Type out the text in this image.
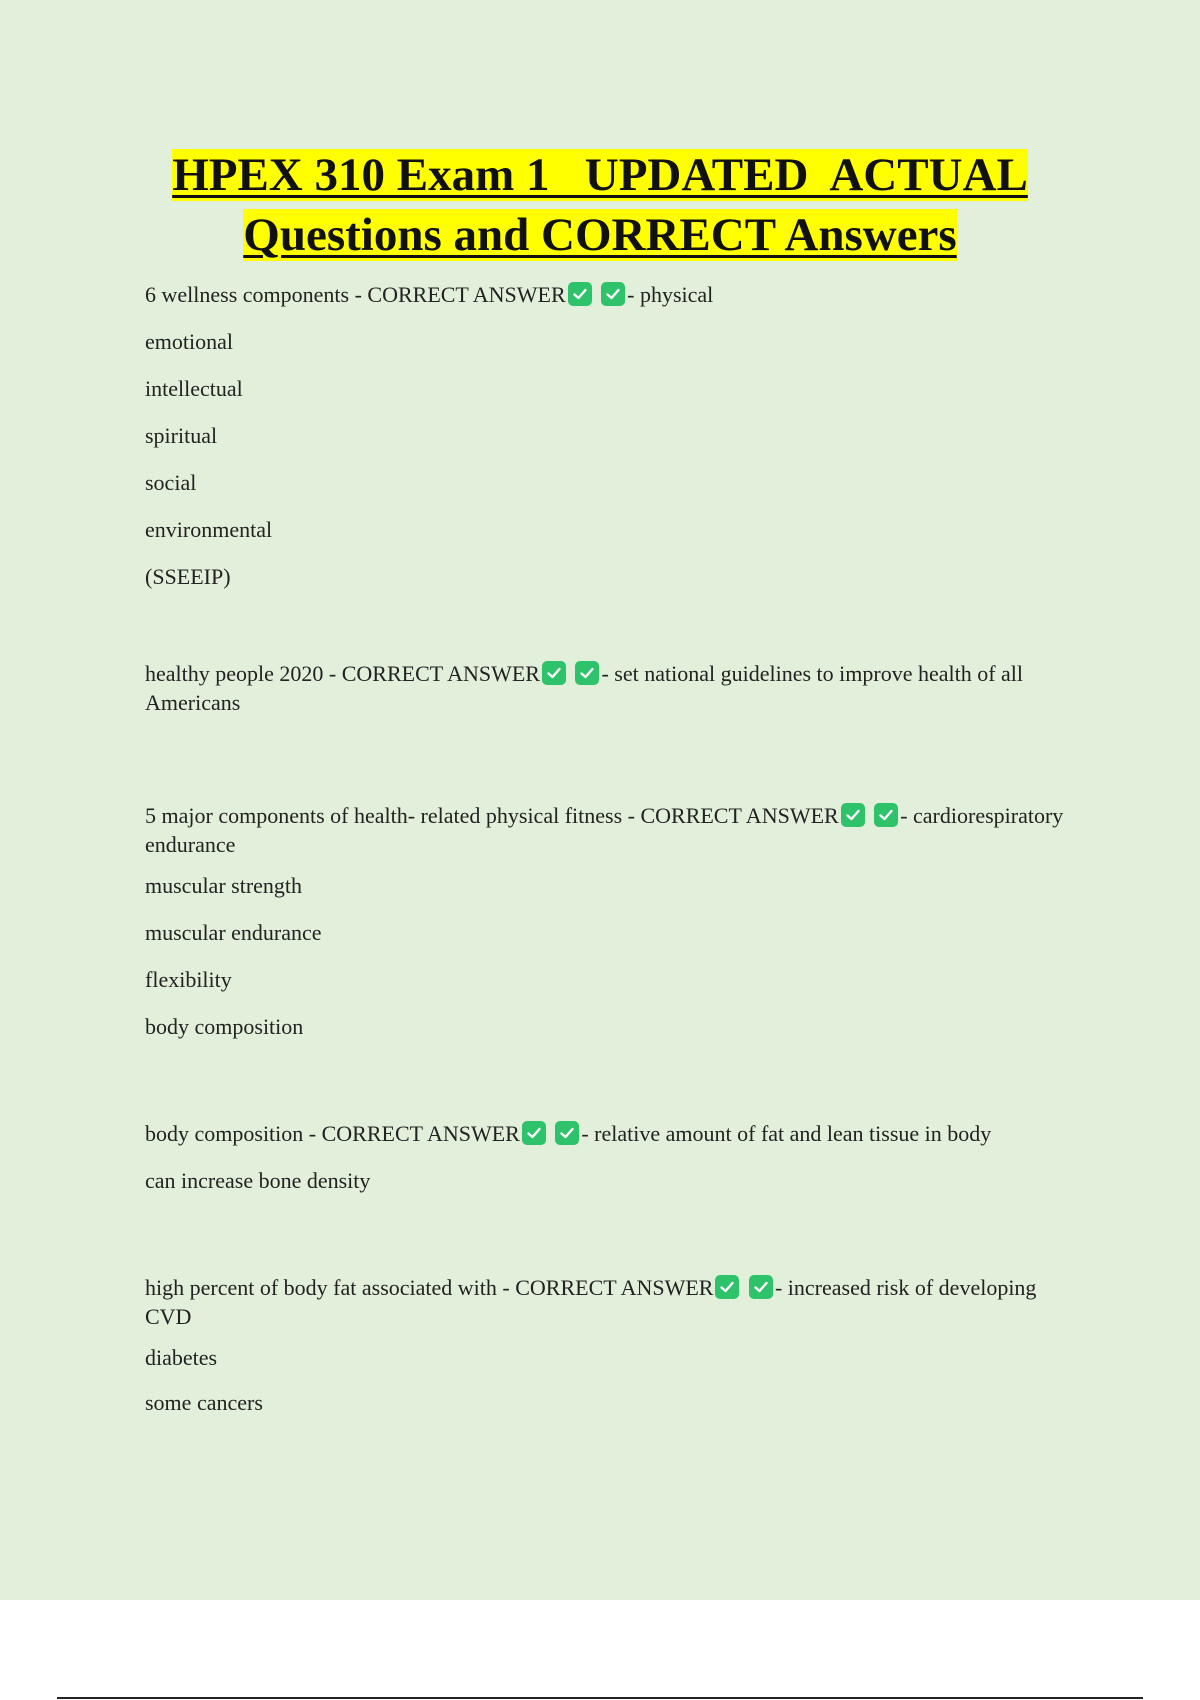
HPEX 310 Exam 1   UPDATED  ACTUAL
Questions and CORRECT Answers
6 wellness components - CORRECT ANSWER
	- physical
emotional
intellectual
spiritual
social
environmental
(SSEEIP)
healthy people 2020 - CORRECT ANSWER
	- set national guidelines to improve health of all Americans
5 major components of health- related physical fitness - CORRECT ANSWER
	- cardiorespiratory endurance
muscular strength
muscular endurance
flexibility
body composition
body composition - CORRECT ANSWER
	- relative amount of fat and lean tissue in body
can increase bone density
high percent of body fat associated with - CORRECT ANSWER
	- increased risk of developing CVD
diabetes
some cancers
